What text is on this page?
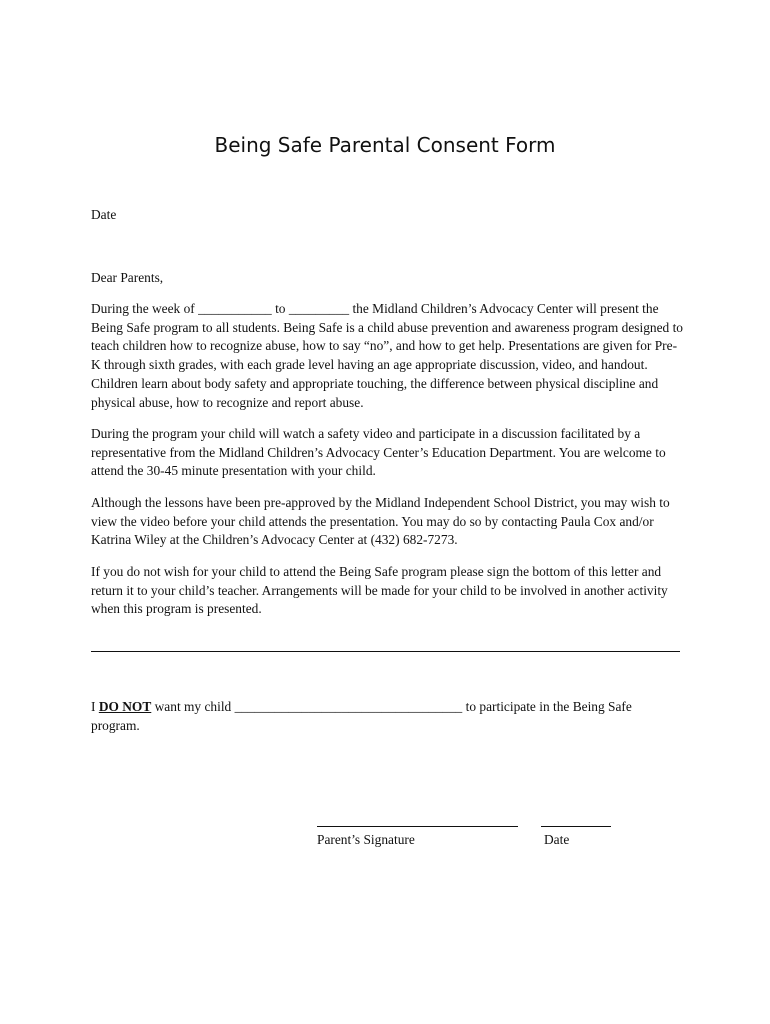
Being Safe Parental Consent Form

Date

Dear Parents,

During the week of ___________ to _________ the Midland Children’s Advocacy Center will present the Being Safe program to all students. Being Safe is a child abuse prevention and awareness program designed to teach children how to recognize abuse, how to say “no”, and how to get help. Presentations are given for Pre-K through sixth grades, with each grade level having an age appropriate discussion, video, and handout. Children learn about body safety and appropriate touching, the difference between physical discipline and physical abuse, how to recognize and report abuse.

During the program your child will watch a safety video and participate in a discussion facilitated by a representative from the Midland Children’s Advocacy Center’s Education Department. You are welcome to attend the 30-45 minute presentation with your child.

Although the lessons have been pre-approved by the Midland Independent School District, you may wish to view the video before your child attends the presentation. You may do so by contacting Paula Cox and/or Katrina Wiley at the Children’s Advocacy Center at (432) 682-7273.

If you do not wish for your child to attend the Being Safe program please sign the bottom of this letter and return it to your child’s teacher. Arrangements will be made for your child to be involved in another activity when this program is presented.

I DO NOT want my child __________________________________ to participate in the Being Safe program.

Parent’s Signature	Date
